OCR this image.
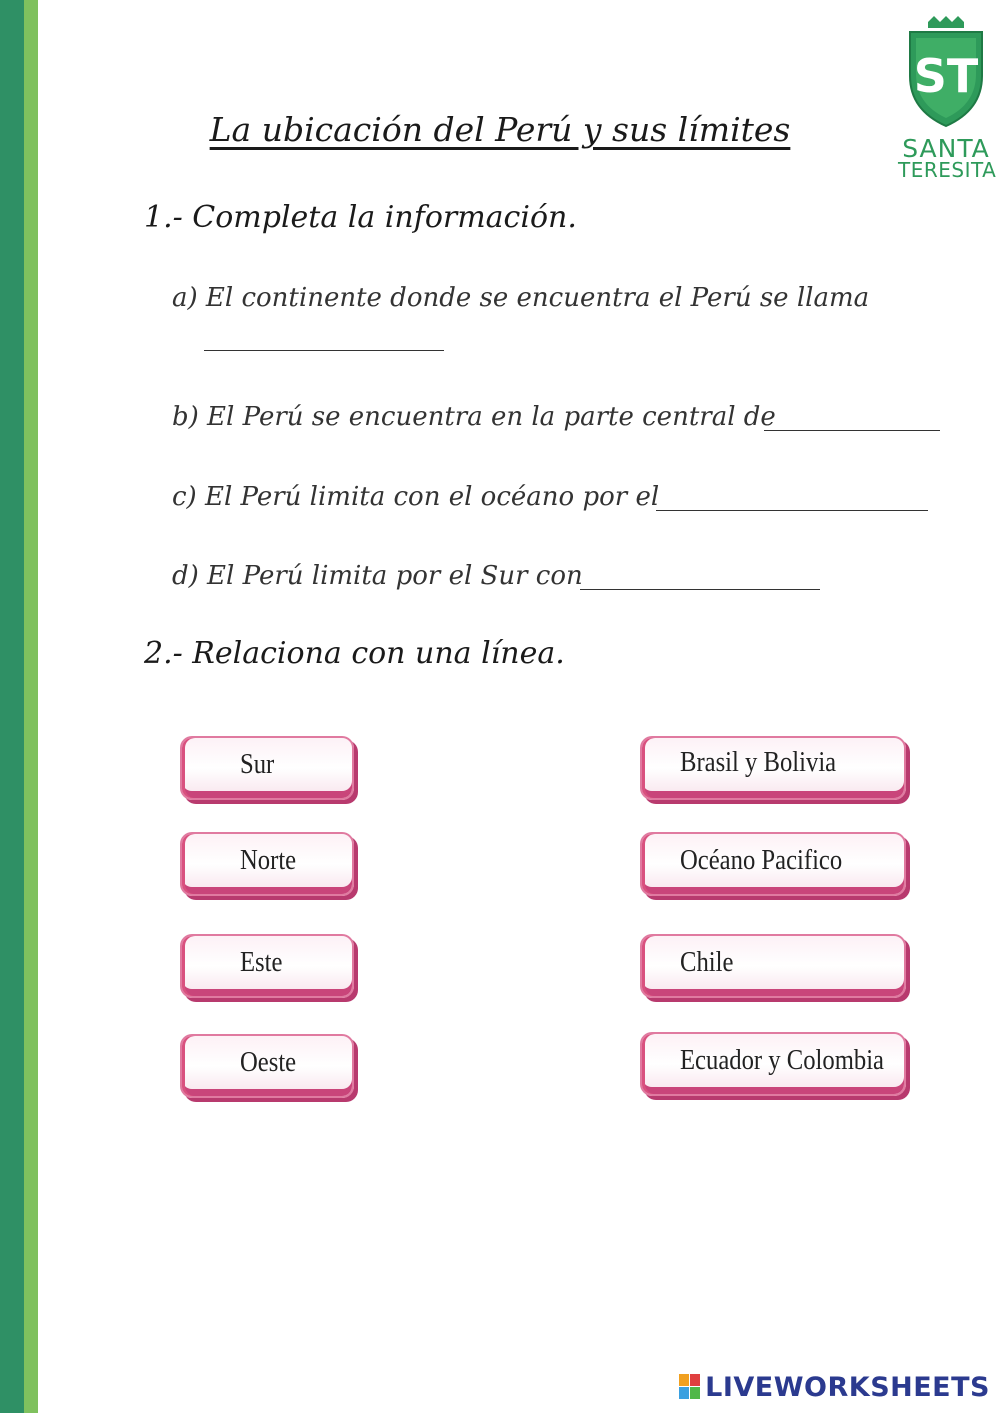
ST
SANTA
TERESITA
La ubicación del Perú y sus límites
1.- Completa la información.
a) El continente donde se encuentra el Perú se llama
b) El Perú se encuentra en la parte central de
c) El Perú limita con el océano por el
d) El Perú limita por el Sur con
2.- Relaciona con una línea.
Sur
Norte
Este
Oeste
Brasil y Bolivia
Océano Pacifico
Chile
Ecuador y Colombia
LIVEWORKSHEETS
